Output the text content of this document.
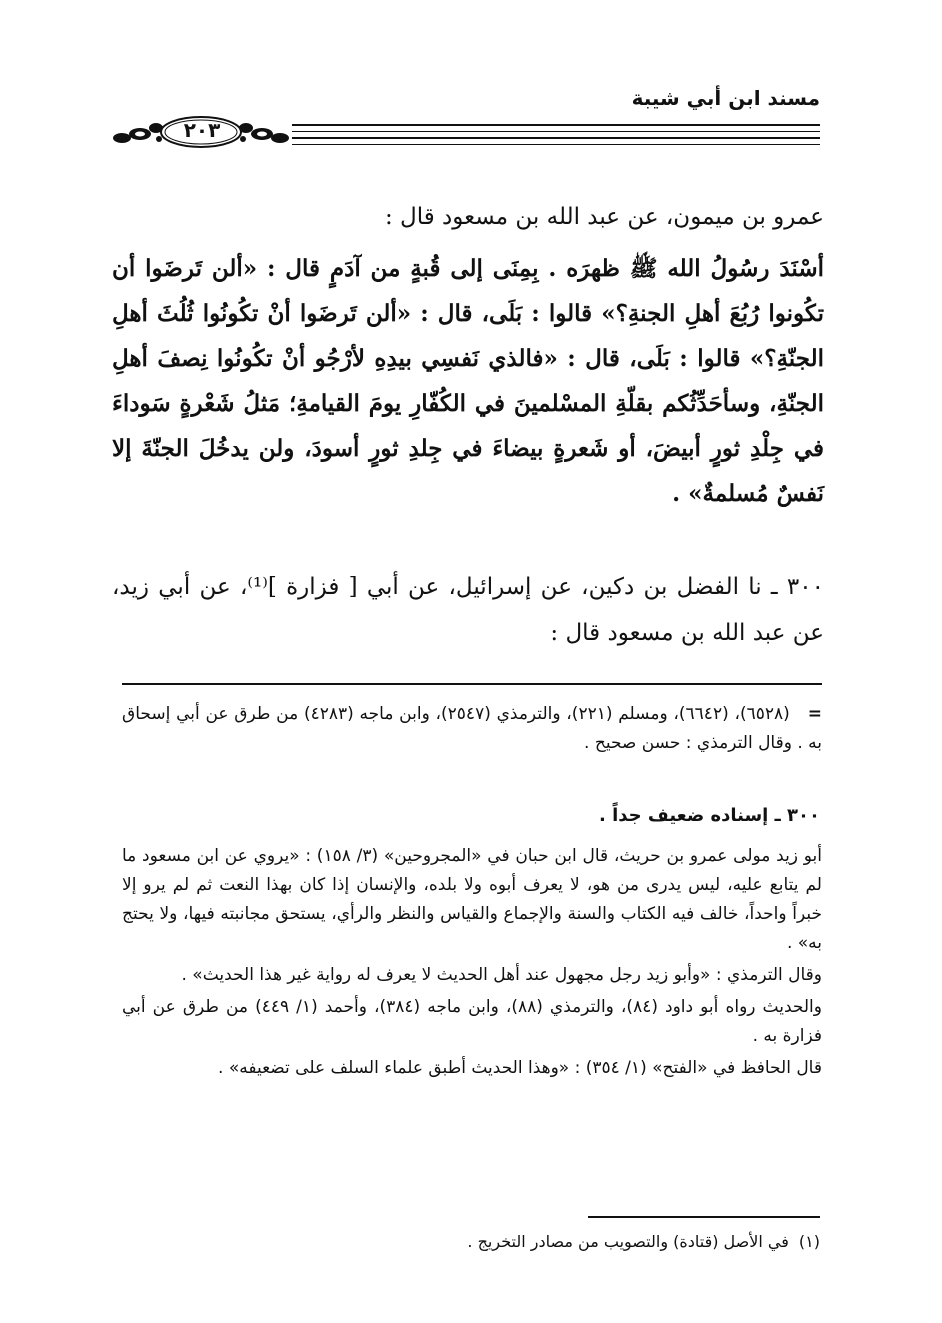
مسند ابن أبي شيبة
٢٠٣

عمرو بن ميمون، عن عبد الله بن مسعود قال :

أسْنَدَ رسُولُ الله ﷺ ظهرَه . بِمِنَى إلى قُبةٍ من آدَمٍ قال : «ألن تَرضَوا أن تكُونوا رُبُعَ أهلِ الجنةِ؟» قالوا : بَلَى، قال : «ألن تَرضَوا أنْ تكُونُوا ثُلُثَ أهلِ الجنّةِ؟» قالوا : بَلَى، قال : «فالذي نَفسِي بيدِهِ لأرْجُو أنْ تكُونُوا نِصفَ أهلِ الجنّةِ، وسأحَدِّثُكم بقلّةِ المسْلمينَ في الكُفّارِ يومَ القيامةِ؛ مَثلُ شَعْرةٍ سَوداءَ في جِلْدِ ثورٍ أبيضَ، أو شَعرةٍ بيضاءَ في جِلدِ ثورٍ أسودَ، ولن يدخُلَ الجنّةَ إلا نَفسٌ مُسلمةٌ» .

٣٠٠ ـ نا الفضل بن دكين، عن إسرائيل، عن أبي [ فزارة ]⁽¹⁾، عن أبي زيد، عن عبد الله بن مسعود قال :

=(٦٥٢٨)، (٦٦٤٢)، ومسلم (٢٢١)، والترمذي (٢٥٤٧)، وابن ماجه (٤٢٨٣) من طرق عن أبي إسحاق به . وقال الترمذي : حسن صحيح .

٣٠٠ ـ إسناده ضعيف جداً .

أبو زيد مولى عمرو بن حريث، قال ابن حبان في «المجروحين» (٣/ ١٥٨) : «يروي عن ابن مسعود ما لم يتابع عليه، ليس يدرى من هو، لا يعرف أبوه ولا بلده، والإنسان إذا كان بهذا النعت ثم لم يرو إلا خبراً واحداً، خالف فيه الكتاب والسنة والإجماع والقياس والنظر والرأي، يستحق مجانبته فيها، ولا يحتج به» .

وقال الترمذي : «وأبو زيد رجل مجهول عند أهل الحديث لا يعرف له رواية غير هذا الحديث» .

والحديث رواه أبو داود (٨٤)، والترمذي (٨٨)، وابن ماجه (٣٨٤)، وأحمد (١/ ٤٤٩) من طرق عن أبي فزارة به .

قال الحافظ في «الفتح» (١/ ٣٥٤) : «وهذا الحديث أطبق علماء السلف على تضعيفه» .

(١)في الأصل (قتادة) والتصويب من مصادر التخريج .
